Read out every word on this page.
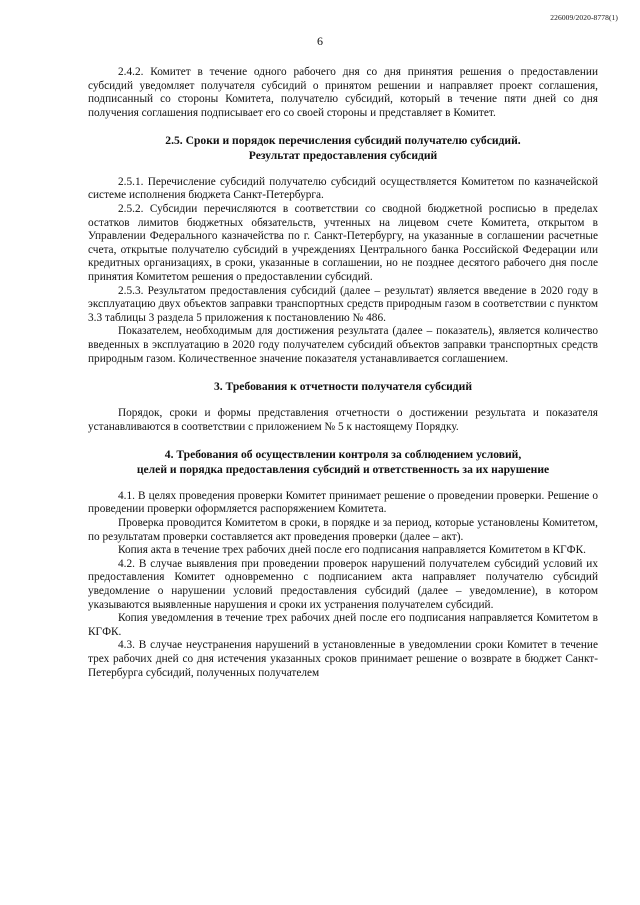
226009/2020-8778(1)
6

2.4.2. Комитет в течение одного рабочего дня со дня принятия решения о предоставлении субсидий уведомляет получателя субсидий о принятом решении и направляет проект соглашения, подписанный со стороны Комитета, получателю субсидий, который в течение пяти дней со дня получения соглашения подписывает его со своей стороны и представляет в Комитет.

2.5. Сроки и порядок перечисления субсидий получателю субсидий.
Результат предоставления субсидий

2.5.1. Перечисление субсидий получателю субсидий осуществляется Комитетом по казначейской системе исполнения бюджета Санкт-Петербурга.

2.5.2. Субсидии перечисляются в соответствии со сводной бюджетной росписью в пределах остатков лимитов бюджетных обязательств, учтенных на лицевом счете Комитета, открытом в Управлении Федерального казначейства по г. Санкт-Петербургу, на указанные в соглашении расчетные счета, открытые получателю субсидий в учреждениях Центрального банка Российской Федерации или кредитных организациях, в сроки, указанные в соглашении, но не позднее десятого рабочего дня после принятия Комитетом решения о предоставлении субсидий.

2.5.3. Результатом предоставления субсидий (далее – результат) является введение в 2020 году в эксплуатацию двух объектов заправки транспортных средств природным газом в соответствии с пунктом 3.3 таблицы 3 раздела 5 приложения к постановлению № 486.

Показателем, необходимым для достижения результата (далее – показатель), является количество введенных в эксплуатацию в 2020 году получателем субсидий объектов заправки транспортных средств природным газом. Количественное значение показателя устанавливается соглашением.

3. Требования к отчетности получателя субсидий

Порядок, сроки и формы представления отчетности о достижении результата и показателя устанавливаются в соответствии с приложением № 5 к настоящему Порядку.

4. Требования об осуществлении контроля за соблюдением условий,
целей и порядка предоставления субсидий и ответственность за их нарушение

4.1. В целях проведения проверки Комитет принимает решение о проведении проверки. Решение о проведении проверки оформляется распоряжением Комитета.

Проверка проводится Комитетом в сроки, в порядке и за период, которые установлены Комитетом, по результатам проверки составляется акт проведения проверки (далее – акт).

Копия акта в течение трех рабочих дней после его подписания направляется Комитетом в КГФК.

4.2. В случае выявления при проведении проверок нарушений получателем субсидий условий их предоставления Комитет одновременно с подписанием акта направляет получателю субсидий уведомление о нарушении условий предоставления субсидий (далее – уведомление), в котором указываются выявленные нарушения и сроки их устранения получателем субсидий.

Копия уведомления в течение трех рабочих дней после его подписания направляется Комитетом в КГФК.

4.3. В случае неустранения нарушений в установленные в уведомлении сроки Комитет в течение трех рабочих дней со дня истечения указанных сроков принимает решение о возврате в бюджет Санкт-Петербурга субсидий, полученных получателем
